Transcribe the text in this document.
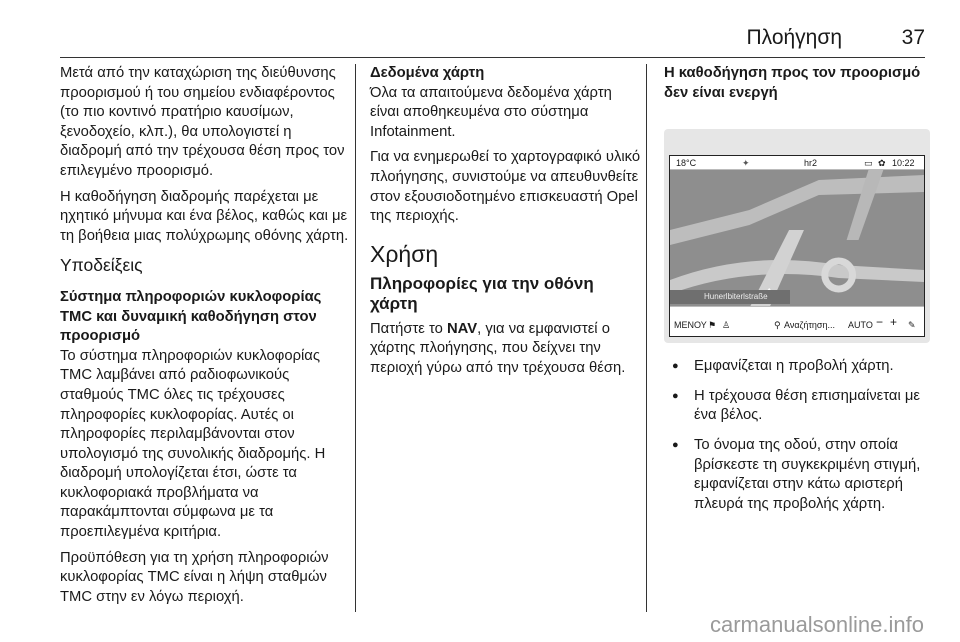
Πλοήγηση	37

Μετά από την καταχώριση της διεύθυνσης προορισμού ή του σημείου ενδιαφέροντος (το πιο κοντινό πρατήριο καυσίμων, ξενοδοχείο, κλπ.), θα υπολογιστεί η διαδρομή από την τρέχουσα θέση προς τον επιλεγμένο προορισμό.

Η καθοδήγηση διαδρομής παρέχεται με ηχητικό μήνυμα και ένα βέλος, καθώς και με τη βοήθεια μιας πολύχρωμης οθόνης χάρτη.

Υποδείξεις
Σύστημα πληροφοριών κυκλοφορίας TMC και δυναμική καθοδήγηση στον προορισμό

Το σύστημα πληροφοριών κυκλοφορίας TMC λαμβάνει από ραδιοφωνικούς σταθμούς TMC όλες τις τρέχουσες πληροφορίες κυκλοφορίας. Αυτές οι πληροφορίες περιλαμβάνονται στον υπολογισμό της συνολικής διαδρομής. Η διαδρομή υπολογίζεται έτσι, ώστε τα κυκλοφοριακά προβλήματα να παρακάμπτονται σύμφωνα με τα προεπιλεγμένα κριτήρια.

Προϋπόθεση για τη χρήση πληροφοριών κυκλοφορίας TMC είναι η λήψη σταθμών TMC στην εν λόγω περιοχή.

Δεδομένα χάρτη

Όλα τα απαιτούμενα δεδομένα χάρτη είναι αποθηκευμένα στο σύστημα Infotainment.

Για να ενημερωθεί το χαρτογραφικό υλικό πλοήγησης, συνιστούμε να απευθυνθείτε στον εξουσιοδοτημένο επισκευαστή Opel της περιοχής.

Χρήση
Πληροφορίες για την οθόνη χάρτη

Πατήστε το NAV, για να εμφανιστεί ο χάρτης πλοήγησης, που δείχνει την περιοχή γύρω από την τρέχουσα θέση.

Η καθοδήγηση προς τον προορισμό δεν είναι ενεργή
18°C	✦	hr2	▭ ✿ 10:22
Hunerlbiterlstraße
ΜΕΝΟΥ ⚑ ♙	⚲ Αναζήτηση... AUTO − + ✎
● Εμφανίζεται η προβολή χάρτη.
● Η τρέχουσα θέση επισημαίνεται με ένα βέλος.
● Το όνομα της οδού, στην οποία βρίσκεστε τη συγκεκριμένη στιγμή, εμφανίζεται στην κάτω αριστερή πλευρά της προβολής χάρτη.
carmanualsonline.info
